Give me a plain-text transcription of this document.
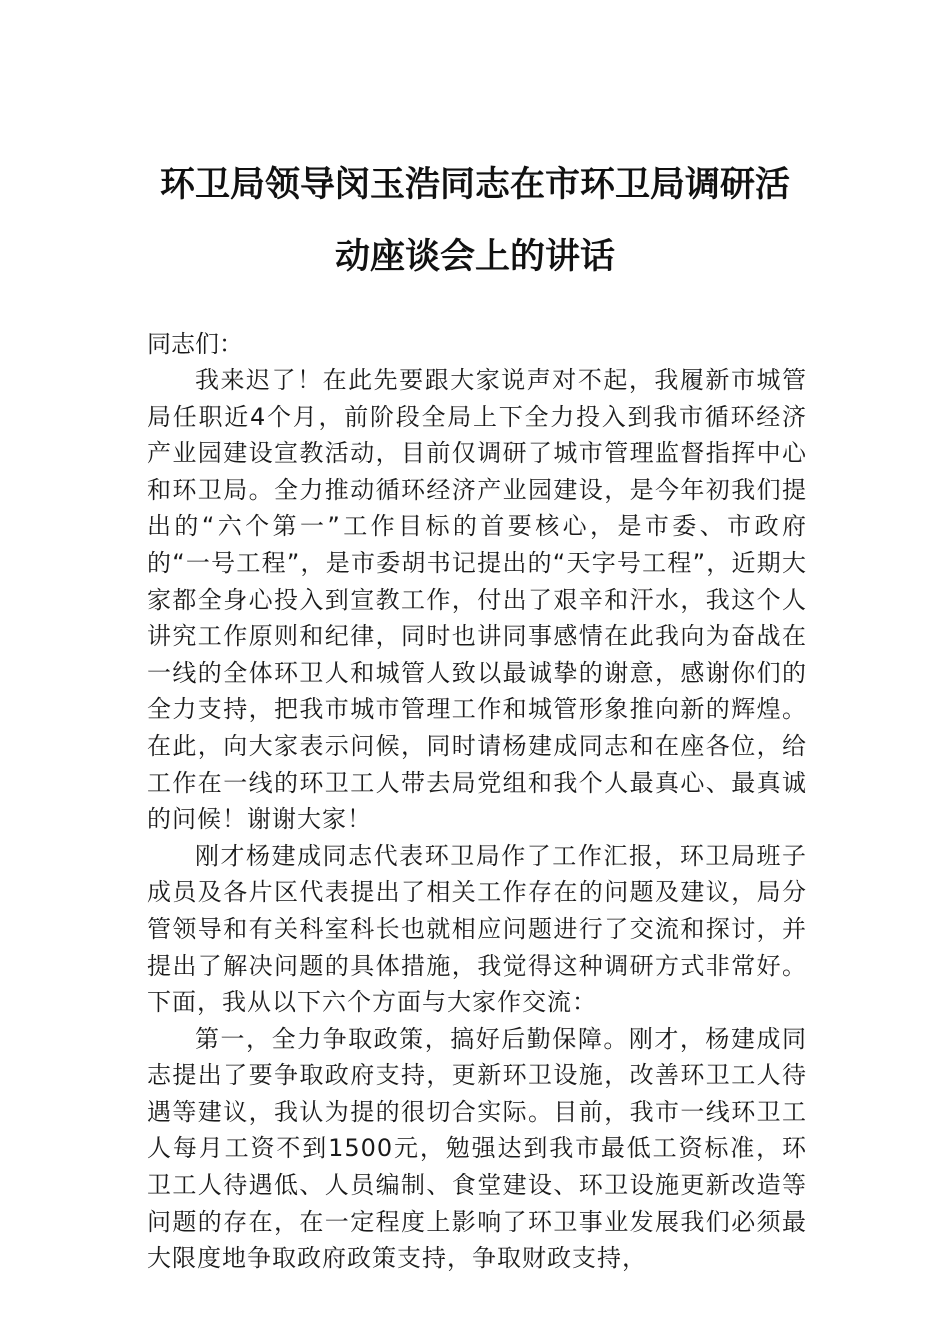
环卫局领导闵玉浩同志在市环卫局调研活
动座谈会上的讲话
同志们：

我来迟了！在此先要跟大家说声对不起，我履新市城管局任职近4个月，前阶段全局上下全力投入到我市循环经济产业园建设宣教活动，目前仅调研了城市管理监督指挥中心和环卫局。全力推动循环经济产业园建设，是今年初我们提出的“六个第一”工作目标的首要核心，是市委、市政府的“一号工程”，是市委胡书记提出的“天字号工程”，近期大家都全身心投入到宣教工作，付出了艰辛和汗水，我这个人讲究工作原则和纪律，同时也讲同事感情在此我向为奋战在一线的全体环卫人和城管人致以最诚挚的谢意，感谢你们的全力支持，把我市城市管理工作和城管形象推向新的辉煌。在此，向大家表示问候，同时请杨建成同志和在座各位，给工作在一线的环卫工人带去局党组和我个人最真心、最真诚的问候！谢谢大家！

刚才杨建成同志代表环卫局作了工作汇报，环卫局班子成员及各片区代表提出了相关工作存在的问题及建议，局分管领导和有关科室科长也就相应问题进行了交流和探讨，并提出了解决问题的具体措施，我觉得这种调研方式非常好。下面，我从以下六个方面与大家作交流：

第一，全力争取政策，搞好后勤保障。刚才，杨建成同志提出了要争取政府支持，更新环卫设施，改善环卫工人待遇等建议，我认为提的很切合实际。目前，我市一线环卫工人每月工资不到1500元，勉强达到我市最低工资标准，环卫工人待遇低、人员编制、食堂建设、环卫设施更新改造等问题的存在，在一定程度上影响了环卫事业发展我们必须最大限度地争取政府政策支持，争取财政支持，
